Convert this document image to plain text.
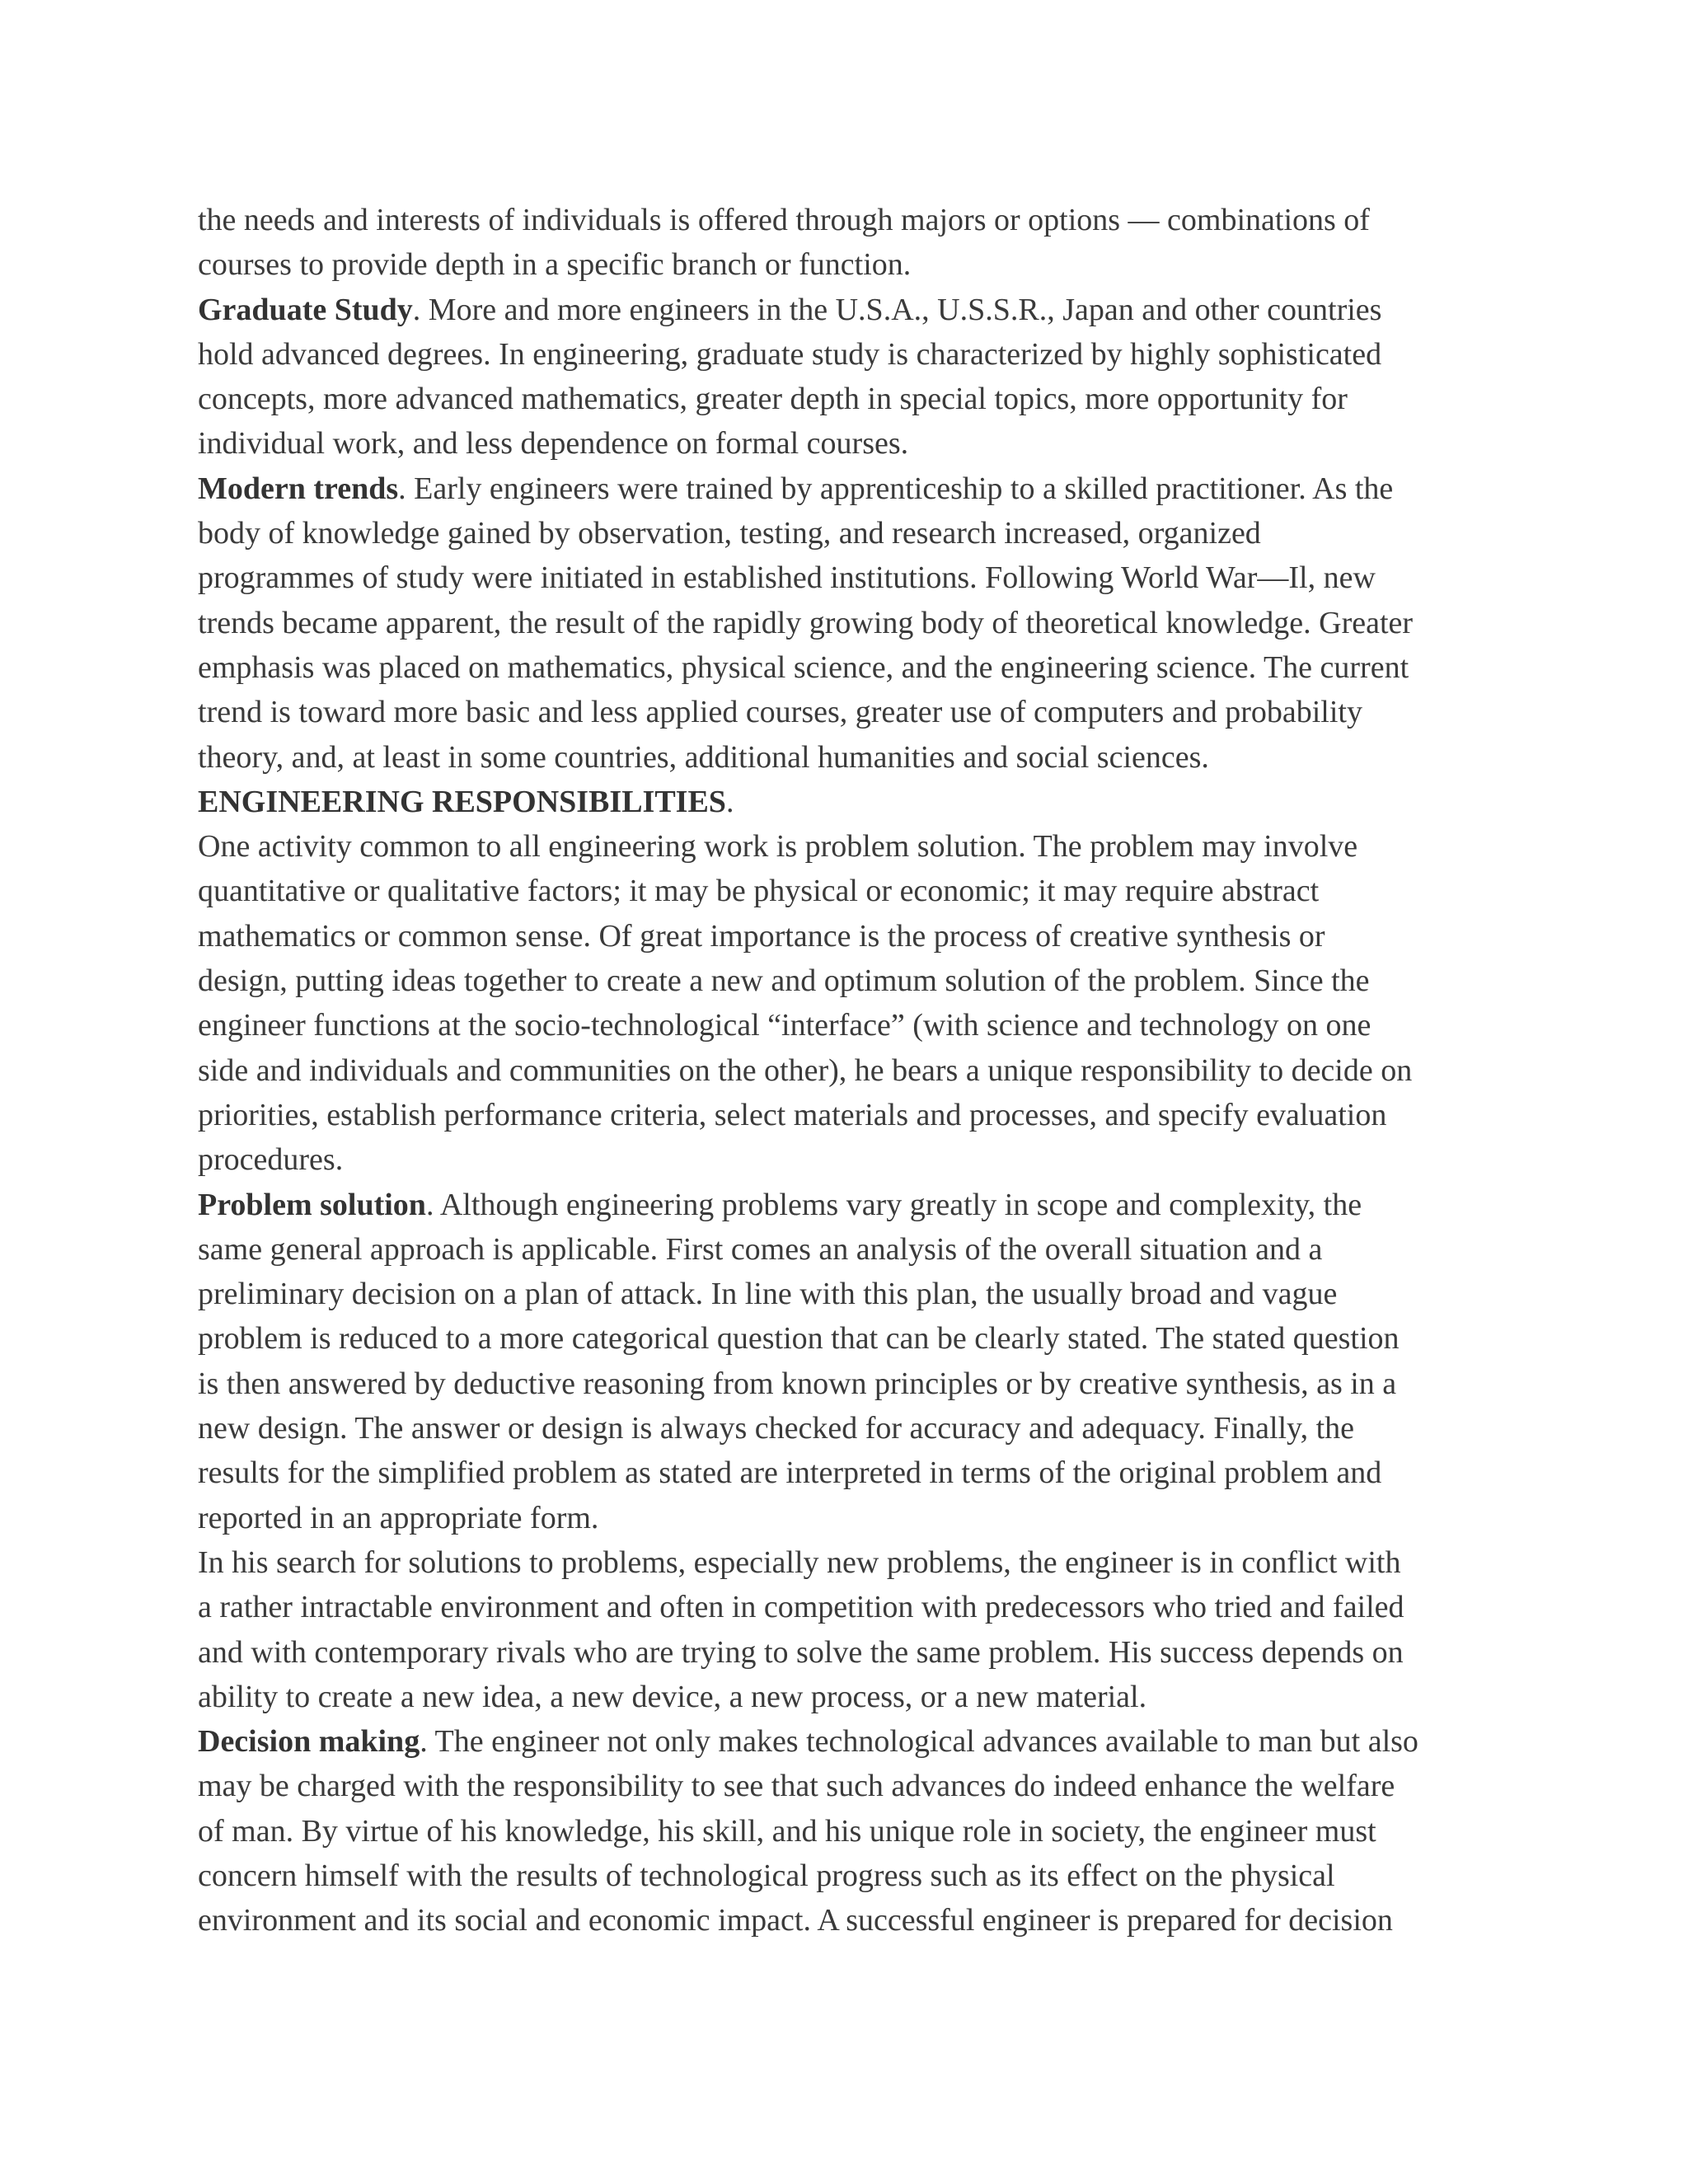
the needs and interests of individuals is offered through majors or options — combinations of
courses to provide depth in a specific branch or function.
Graduate Study. More and more engineers in the U.S.A., U.S.S.R., Japan and other countries
hold advanced degrees. In engineering, graduate study is characterized by highly sophisticated
concepts, more advanced mathematics, greater depth in special topics, more opportunity for
individual work, and less dependence on formal courses.
Modern trends. Early engineers were trained by apprenticeship to a skilled practitioner. As the
body of knowledge gained by observation, testing, and research increased, organized
programmes of study were initiated in established institutions. Following World War—Il, new
trends became apparent, the result of the rapidly growing body of theoretical knowledge. Greater
emphasis was placed on mathematics, physical science, and the engineering science. The current
trend is toward more basic and less applied courses, greater use of computers and probability
theory, and, at least in some countries, additional humanities and social sciences.
ENGINEERING RESPONSIBILITIES.
One activity common to all engineering work is problem solution. The problem may involve
quantitative or qualitative factors; it may be physical or economic; it may require abstract
mathematics or common sense. Of great importance is the process of creative synthesis or
design, putting ideas together to create a new and optimum solution of the problem. Since the
engineer functions at the socio-technological “interface” (with science and technology on one
side and individuals and communities on the other), he bears a unique responsibility to decide on
priorities, establish performance criteria, select materials and processes, and specify evaluation
procedures.
Problem solution. Although engineering problems vary greatly in scope and complexity, the
same general approach is applicable. First comes an analysis of the overall situation and a
preliminary decision on a plan of attack. In line with this plan, the usually broad and vague
problem is reduced to a more categorical question that can be clearly stated. The stated question
is then answered by deductive reasoning from known principles or by creative synthesis, as in a
new design. The answer or design is always checked for accuracy and adequacy. Finally, the
results for the simplified problem as stated are interpreted in terms of the original problem and
reported in an appropriate form.
In his search for solutions to problems, especially new problems, the engineer is in conflict with
a rather intractable environment and often in competition with predecessors who tried and failed
and with contemporary rivals who are trying to solve the same problem. His success depends on
ability to create a new idea, a new device, a new process, or a new material.
Decision making. The engineer not only makes technological advances available to man but also
may be charged with the responsibility to see that such advances do indeed enhance the welfare
of man. By virtue of his knowledge, his skill, and his unique role in society, the engineer must
concern himself with the results of technological progress such as its effect on the physical
environment and its social and economic impact. A successful engineer is prepared for decision
